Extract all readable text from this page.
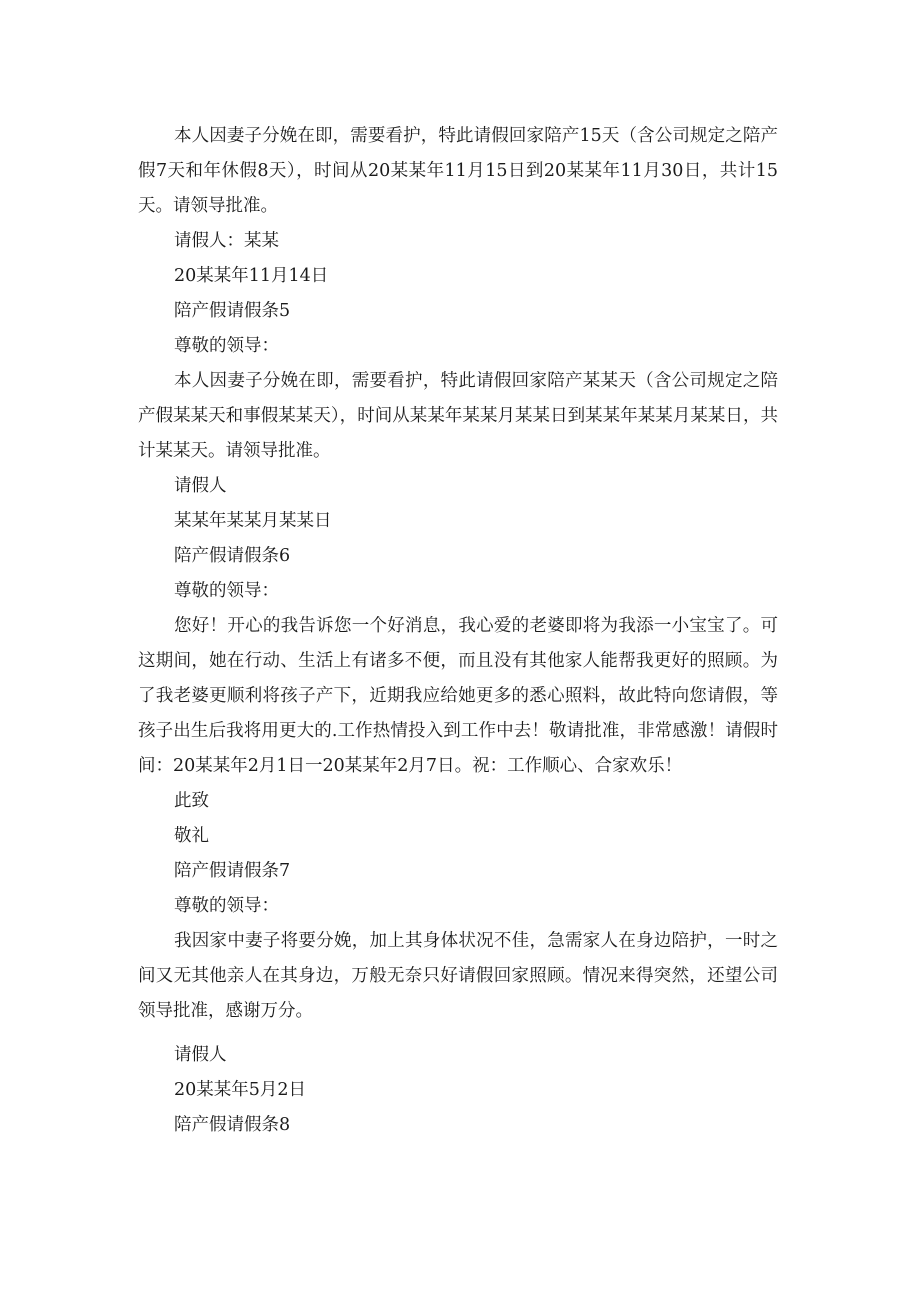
本人因妻子分娩在即，需要看护，特此请假回家陪产15天（含公司规定之陪产假7天和年休假8天），时间从20某某年11月15日到20某某年11月30日，共计15天。请领导批准。

请假人：某某

20某某年11月14日

陪产假请假条5

尊敬的领导：

本人因妻子分娩在即，需要看护，特此请假回家陪产某某天（含公司规定之陪产假某某天和事假某某天），时间从某某年某某月某某日到某某年某某月某某日，共计某某天。请领导批准。

请假人

某某年某某月某某日

陪产假请假条6

尊敬的领导：

您好！开心的我告诉您一个好消息，我心爱的老婆即将为我添一小宝宝了。可这期间，她在行动、生活上有诸多不便，而且没有其他家人能帮我更好的照顾。为了我老婆更顺利将孩子产下，近期我应给她更多的悉心照料，故此特向您请假，等孩子出生后我将用更大的.工作热情投入到工作中去！敬请批准，非常感激！请假时间：20某某年2月1日一20某某年2月7日。祝：工作顺心、合家欢乐！

此致

敬礼

陪产假请假条7

尊敬的领导：

我因家中妻子将要分娩，加上其身体状况不佳，急需家人在身边陪护，一时之间又无其他亲人在其身边，万般无奈只好请假回家照顾。情况来得突然，还望公司领导批准，感谢万分。

请假人

20某某年5月2日

陪产假请假条8
